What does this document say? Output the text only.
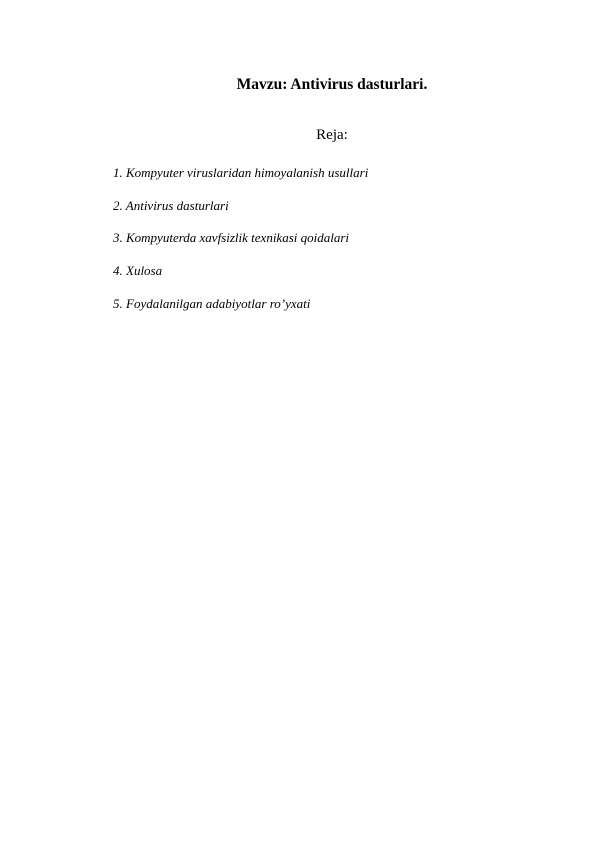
Mavzu: Antivirus dasturlari.
Reja:
1. Kompyuter viruslaridan himoyalanish usullari
2. Antivirus dasturlari
3. Kompyuterda xavfsizlik texnikasi qoidalari
4. Xulosa
5. Foydalanilgan adabiyotlar ro’yxati
